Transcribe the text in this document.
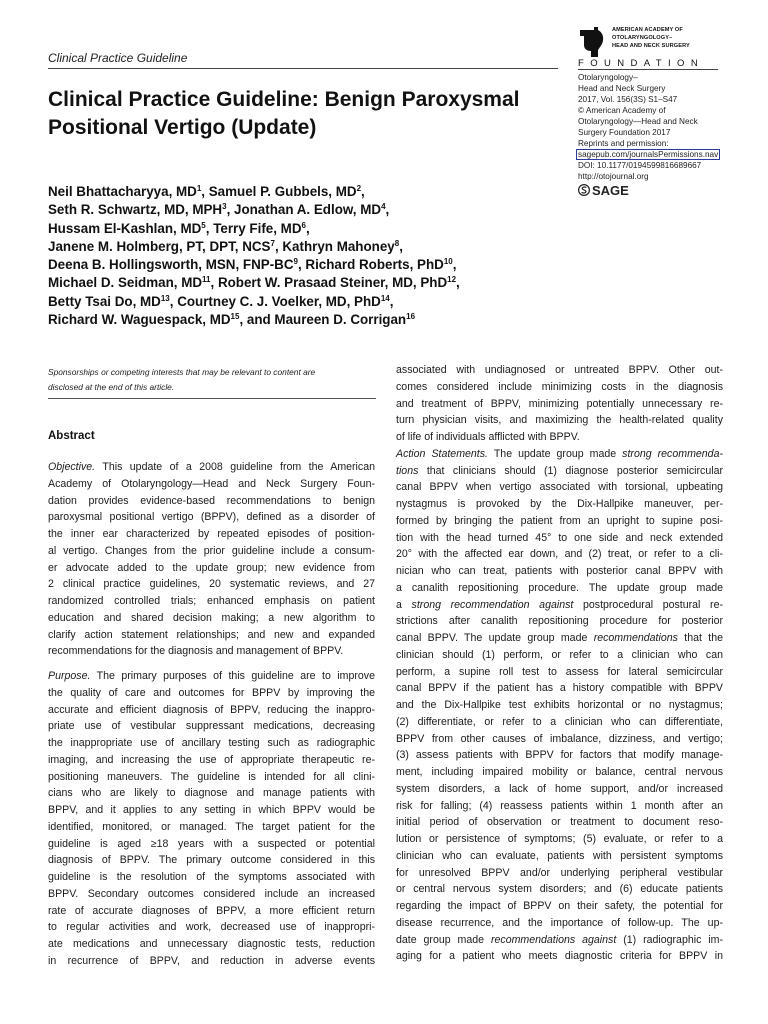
Clinical Practice Guideline
AMERICAN ACADEMY OF
OTOLARYNGOLOGY–
HEAD AND NECK SURGERY
FOUNDATION
Clinical Practice Guideline: Benign Paroxysmal Positional Vertigo (Update)
Otolaryngology–
Head and Neck Surgery
2017, Vol. 156(3S) S1–S47
© American Academy of
Otolaryngology—Head and Neck
Surgery Foundation 2017
Reprints and permission:
sagepub.com/journalsPermissions.nav
DOI: 10.1177/0194599816689667
http://otojournal.org
SAGE
Neil Bhattacharyya, $MD^1$, Samuel P. Gubbels, $MD^2$,
Seth R. Schwartz, MD, MPH$^3$, Jonathan A. Edlow, $MD^4$,
Hussam El-Kashlan, $MD^5$, Terry Fife, $MD^6$,
Janene M. Holmberg, PT, DPT, NCS$^7$, Kathryn Mahoney$^8$,
Deena B. Hollingsworth, MSN, FNP-$BC^9$, Richard Roberts, PhD$^{10}$,
Michael D. Seidman, MD$^{11}$, Robert W. Prasaad Steiner, MD, PhD$^{12}$,
Betty Tsai Do, MD$^{13}$, Courtney C. J. Voelker, MD, PhD$^{14}$,
Richard W. Waguespack, MD$^{15}$, and Maureen D. Corrigan$^{16}$
Sponsorships or competing interests that may be relevant to content are
disclosed at the end of this article.
Abstract

Objective. This update of a 2008 guideline from the American
Academy of Otolaryngology—Head and Neck Surgery Foun-
dation provides evidence-based recommendations to benign
paroxysmal positional vertigo (BPPV), defined as a disorder of
the inner ear characterized by repeated episodes of position-
al vertigo. Changes from the prior guideline include a consum-
er advocate added to the update group; new evidence from
2 clinical practice guidelines, 20 systematic reviews, and 27
randomized controlled trials; enhanced emphasis on patient
education and shared decision making; a new algorithm to
clarify action statement relationships; and new and expanded
recommendations for the diagnosis and management of BPPV.

Purpose. The primary purposes of this guideline are to improve
the quality of care and outcomes for BPPV by improving the
accurate and efficient diagnosis of BPPV, reducing the inappro-
priate use of vestibular suppressant medications, decreasing
the inappropriate use of ancillary testing such as radiographic
imaging, and increasing the use of appropriate therapeutic re-
positioning maneuvers. The guideline is intended for all clini-
cians who are likely to diagnose and manage patients with
BPPV, and it applies to any setting in which BPPV would be
identified, monitored, or managed. The target patient for the
guideline is aged ≥18 years with a suspected or potential
diagnosis of BPPV. The primary outcome considered in this
guideline is the resolution of the symptoms associated with
BPPV. Secondary outcomes considered include an increased
rate of accurate diagnoses of BPPV, a more efficient return
to regular activities and work, decreased use of inappropri-
ate medications and unnecessary diagnostic tests, reduction
in recurrence of BPPV, and reduction in adverse events

associated with undiagnosed or untreated BPPV. Other out-
comes considered include minimizing costs in the diagnosis
and treatment of BPPV, minimizing potentially unnecessary re-
turn physician visits, and maximizing the health-related quality
of life of individuals afflicted with BPPV.

Action Statements. The update group made strong recommenda-
tions that clinicians should (1) diagnose posterior semicircular
canal BPPV when vertigo associated with torsional, upbeating
nystagmus is provoked by the Dix-Hallpike maneuver, per-
formed by bringing the patient from an upright to supine posi-
tion with the head turned 45° to one side and neck extended
20° with the affected ear down, and (2) treat, or refer to a cli-
nician who can treat, patients with posterior canal BPPV with
a canalith repositioning procedure. The update group made
a strong recommendation against postprocedural postural re-
strictions after canalith repositioning procedure for posterior
canal BPPV. The update group made recommendations that the
clinician should (1) perform, or refer to a clinician who can
perform, a supine roll test to assess for lateral semicircular
canal BPPV if the patient has a history compatible with BPPV
and the Dix-Hallpike test exhibits horizontal or no nystagmus;
(2) differentiate, or refer to a clinician who can differentiate,
BPPV from other causes of imbalance, dizziness, and vertigo;
(3) assess patients with BPPV for factors that modify manage-
ment, including impaired mobility or balance, central nervous
system disorders, a lack of home support, and/or increased
risk for falling; (4) reassess patients within 1 month after an
initial period of observation or treatment to document reso-
lution or persistence of symptoms; (5) evaluate, or refer to a
clinician who can evaluate, patients with persistent symptoms
for unresolved BPPV and/or underlying peripheral vestibular
or central nervous system disorders; and (6) educate patients
regarding the impact of BPPV on their safety, the potential for
disease recurrence, and the importance of follow-up. The up-
date group made recommendations against (1) radiographic im-
aging for a patient who meets diagnostic criteria for BPPV in
